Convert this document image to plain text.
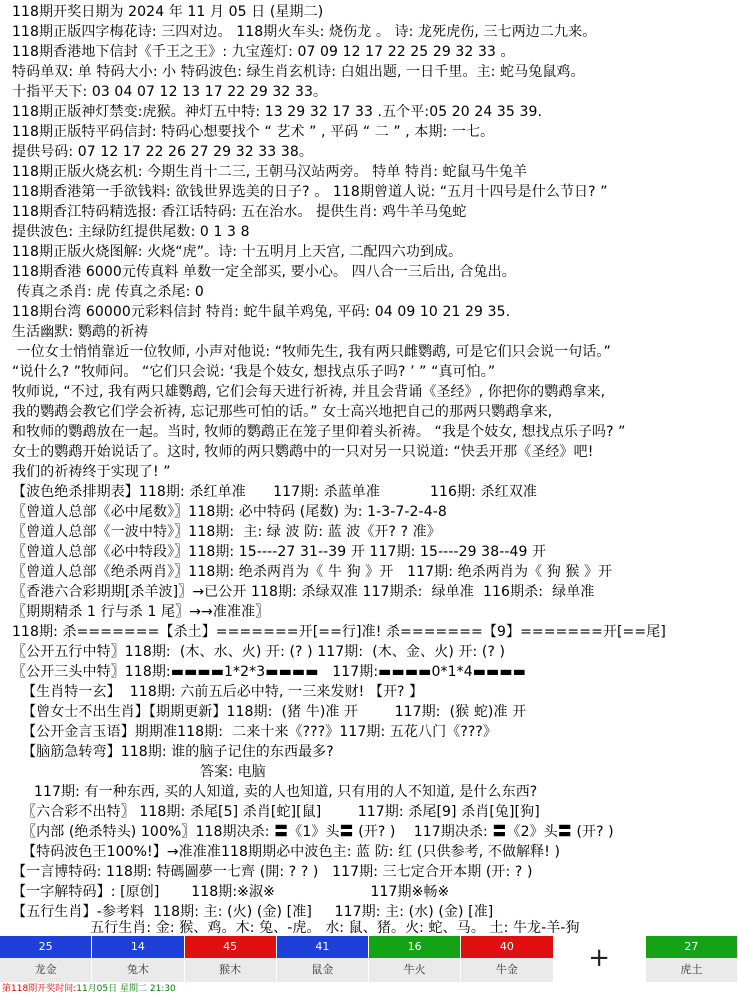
118期开奖日期为 2024 年 11 月 05 日 (星期二)
118期正版四字梅花诗: 三四对边。 118期火车头: 烧伤龙 。 诗: 龙死虎伤, 三七两边二九来。
118期香港地下信封《千王之王》: 九宝莲灯: 07 09 12 17 22 25 29 32 33 。
特码单双: 单 特码大小: 小 特码波色: 绿生肖玄机诗: 白姐出题, 一日千里。主: 蛇马兔鼠鸡。
十指平天下: 03 04 07 12 13 17 22 29 32 33。
118期正版神灯禁变:虎猴。神灯五中特: 13 29 32 17 33 .五个平:05 20 24 35 39.
118期正版特平码信封: 特码心想要找个 “ 艺术 ” , 平码 “ 二 ” , 本期: 一七。
提供号码: 07 12 17 22 26 27 29 32 33 38。
118期正版火烧玄机: 今期生肖十二三, 王朝马汉站两旁。 特单 特肖: 蛇鼠马牛兔羊
118期香港第一手欲钱料: 欲钱世界选美的日子? 。 118期曾道人说: “五月十四号是什么节日? ”
118期香江特码精选报: 香江话特码: 五在治水。 提供生肖: 鸡牛羊马兔蛇
提供波色: 主绿防红提供尾数: 0 1 3 8
118期正版火烧图解: 火烧“虎”。诗: 十五明月上天宫, 二配四六功到成。
118期香港 6000元传真料 单数一定全部买, 要小心。 四八合一三后出, 合兔出。
传真之杀肖: 虎 传真之杀尾: 0
118期台湾 60000元彩料信封 特肖: 蛇牛鼠羊鸡兔, 平码: 04 09 10 21 29 35.
生活幽默: 鹦鹉的祈祷
一位女士悄悄靠近一位牧师, 小声对他说: “牧师先生, 我有两只雌鹦鹉, 可是它们只会说一句话。”
“说什么? ”牧师问。 “它们只会说: ‘我是个妓女, 想找点乐子吗? ’ ” “真可怕。”
牧师说, “不过, 我有两只雄鹦鹉, 它们会每天进行祈祷, 并且会背诵《圣经》, 你把你的鹦鹉拿来,
我的鹦鹉会教它们学会祈祷, 忘记那些可怕的话。” 女士高兴地把自己的那两只鹦鹉拿来,
和牧师的鹦鹉放在一起。当时, 牧师的鹦鹉正在笼子里仰着头祈祷。 “我是个妓女, 想找点乐子吗? ”
女士的鹦鹉开始说话了。这时, 牧师的两只鹦鹉中的一只对另一只说道: “快丢开那《圣经》吧!
我们的祈祷终于实现了! ”
【波色绝杀排期表】118期: 杀红单准      117期: 杀蓝单准           116期: 杀红双准
〖曾道人总部《必中尾数》〗118期: 必中特码 (尾数) 为: 1-3-7-2-4-8
〖曾道人总部《一波中特》〗118期:  主: 绿 波 防: 蓝 波《开? ? 准》
〖曾道人总部《必中特段》〗118期: 15----27 31--39 开 117期: 15----29 38--49 开
〖曾道人总部《绝杀两肖》〗118期: 绝杀两肖为《 牛 狗 》开   117期: 绝杀两肖为《 狗 猴 》开
〖香港六合彩期期[杀羊波]〗→已公开 118期: 杀绿双准 117期杀:  绿单准  116期杀:  绿单准
〖期期精杀 1 行与杀 1 尾〗→→准准准〗
118期: 杀=======【杀土】=======开[==行]准! 杀=======【9】=======开[==尾]
〖公开五行中特〗118期:  (木、水、火) 开: (? ) 117期:  (木、金、火) 开: (? )
〖公开三头中特〗118期:▬▬▬▬1*2*3▬▬▬▬   117期:▬▬▬▬0*1*4▬▬▬▬
【生肖特一玄】  118期: 六前五后必中特, 一三来发财! 【开? 】
【曾女士不出生肖】【期期更新】118期:  (猪 牛)准 开        117期:  (猴 蛇)准 开
【公开金言玉语】期期准118期:  二来十来《???》117期: 五花八门《???》
【脑筋急转弯】118期: 谁的脑子记住的东西最多?
答案: 电脑
117期: 有一种东西, 买的人知道, 卖的人也知道, 只有用的人不知道, 是什么东西?
〖六合彩不出特〗 118期: 杀尾[5] 杀肖[蛇][鼠]        117期: 杀尾[9] 杀肖[兔][狗]
〖内部 (绝杀特头) 100%〗118期决杀: 〓《1》头〓 (开? )    117期决杀: 〓《2》头〓 (开? )
【特码波色王100%!】→准准准118期期必中波色主: 蓝 防: 红 (只供参考, 不做解释! )
【一言博特码: 118期: 特碼圖夢一七齊 (開: ? ? )   117期: 三七定合开本期 (开: ? )
【一字解特码】: [原创]       118期:※淑※                     117期※畅※
【五行生肖】-参考料  118期: 主: (火) (金) [准]     117期: 主: (水) (金) [准]
五行生肖: 金: 猴、鸡。木: 兔、-虎。 水: 鼠、猪。火: 蛇、马。 土: 牛龙-羊-狗
25
龙金
14
兔木
45
猴木
41
鼠金
16
牛火
40
牛金	+	27
虎土
第118期开奖时间:11月05日 星期二 21:30
